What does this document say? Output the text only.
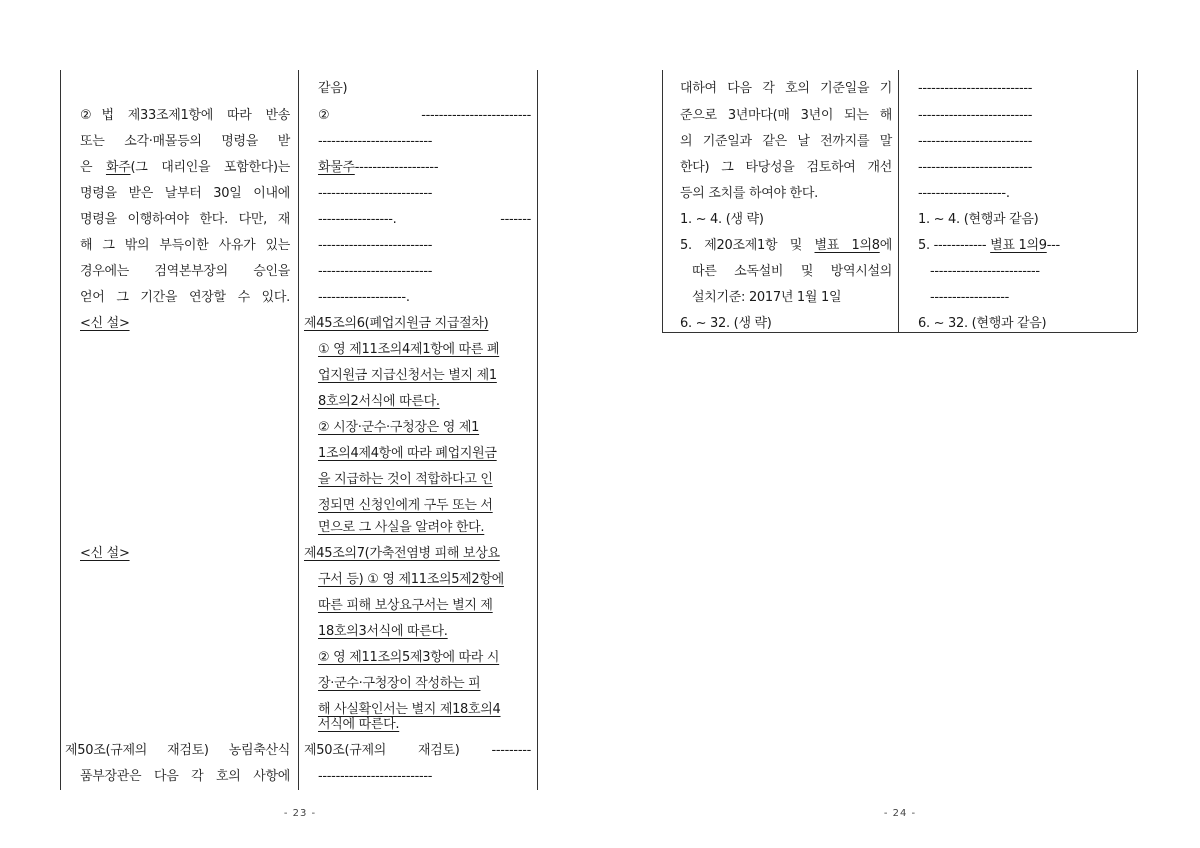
②법 제33조제1항에 따라 반송
또는 소각·매몰등의 명령을 받
은 화주(그 대리인을 포함한다)는
명령을 받은 날부터 30일 이내에
명령을 이행하여야 한다. 다만, 재
해 그 밖의 부득이한 사유가 있는
경우에는 검역본부장의 승인을
얻어 그 기간을 연장할 수 있다.
<신 설>
<신 설>
제50조(규제의 재검토) 농림축산식
품부장관은 다음 각 호의 사항에
같음)
②-------------------------
--------------------------
화물주-------------------
--------------------------
-----------------. -------
--------------------------
--------------------------
--------------------.
제45조의6(폐업지원금 지급절차)
① 영 제11조의4제1항에 따른 폐
업지원금 지급신청서는 별지 제1
8호의2서식에 따른다.
② 시장·군수·구청장은 영 제1
1조의4제4항에 따라 폐업지원금
을 지급하는 것이 적합하다고 인
정되면 신청인에게 구두 또는 서
면으로 그 사실을 알려야 한다.
제45조의7(가축전염병 피해 보상요
구서 등) ① 영 제11조의5제2항에
따른 피해 보상요구서는 별지 제
18호의3서식에 따른다.
② 영 제11조의5제3항에 따라 시
장·군수·구청장이 작성하는 피
해 사실확인서는 별지 제18호의4
서식에 따른다.
제50조(규제의 재검토) ---------
--------------------------
- 23 -
대하여 다음 각 호의 기준일을 기
준으로 3년마다(매 3년이 되는 해
의 기준일과 같은 날 전까지를 말
한다) 그 타당성을 검토하여 개선
등의 조치를 하여야 한다.
1. ~ 4. (생 략)
5. 제20조제1항 및 별표 1의8에
따른 소독설비 및 방역시설의
설치기준: 2017년 1월 1일
6. ~ 32. (생 략)
--------------------------
--------------------------
--------------------------
--------------------------
--------------------.
1. ~ 4. (현행과 같음)
5. ------------ 별표 1의9---
-------------------------
------------------
6. ~ 32. (현행과 같음)
- 24 -
